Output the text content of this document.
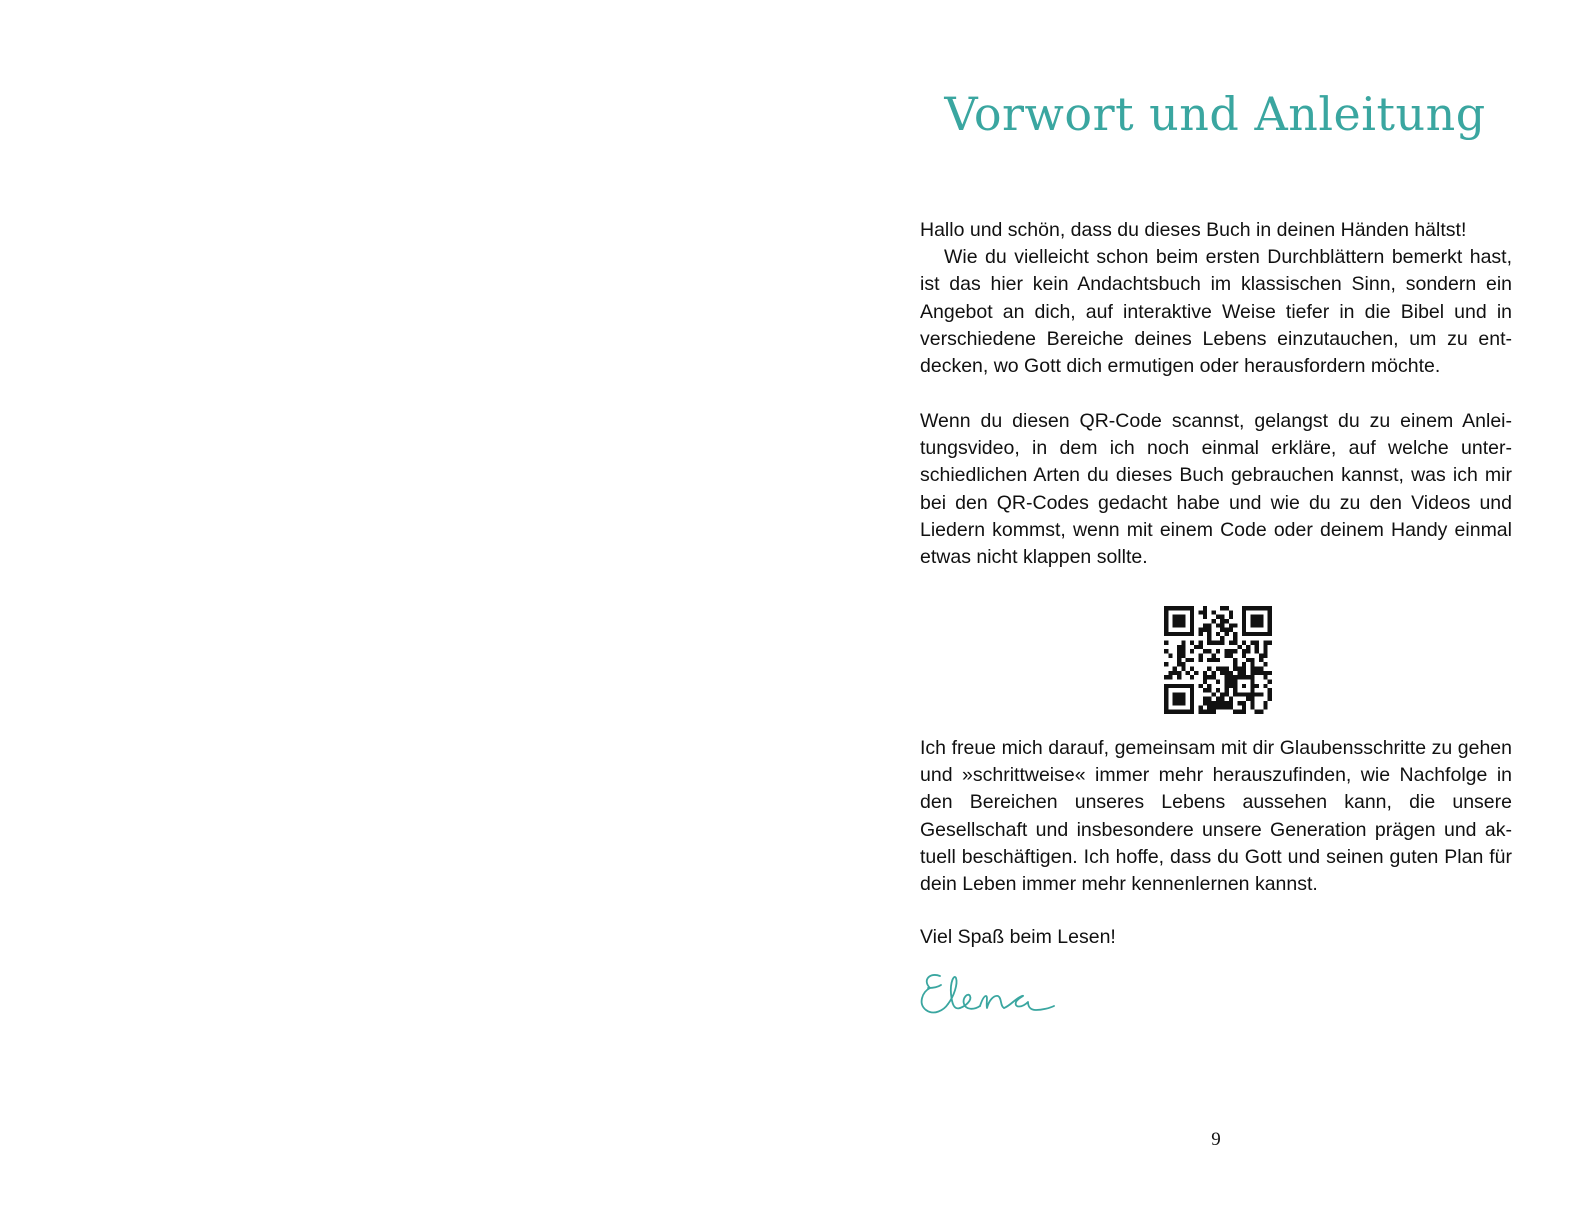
Vorwort und Anleitung

Hallo und schön, dass du dieses Buch in deinen Händen hältst!

Wie du vielleicht schon beim ersten Durchblättern bemerkt hast, ist das hier kein Andachtsbuch im klassischen Sinn, sondern ein Angebot an dich, auf interaktive Weise tiefer in die Bibel und in verschiedene Bereiche deines Lebens einzutauchen, um zu entdecken, wo Gott dich ermutigen oder herausfordern möchte.

Wenn du diesen QR-Code scannst, gelangst du zu einem Anleitungsvideo, in dem ich noch einmal erkläre, auf welche unterschiedlichen Arten du dieses Buch gebrauchen kannst, was ich mir bei den QR-Codes gedacht habe und wie du zu den Videos und Liedern kommst, wenn mit einem Code oder deinem Handy einmal etwas nicht klappen sollte.

Ich freue mich darauf, gemeinsam mit dir Glaubensschritte zu gehen und »schrittweise« immer mehr herauszufinden, wie Nachfolge in den Bereichen unseres Lebens aussehen kann, die unsere Gesellschaft und insbesondere unsere Generation prägen und aktuell beschäftigen. Ich hoffe, dass du Gott und seinen guten Plan für dein Leben immer mehr kennenlernen kannst.

Viel Spaß beim Lesen!

9
